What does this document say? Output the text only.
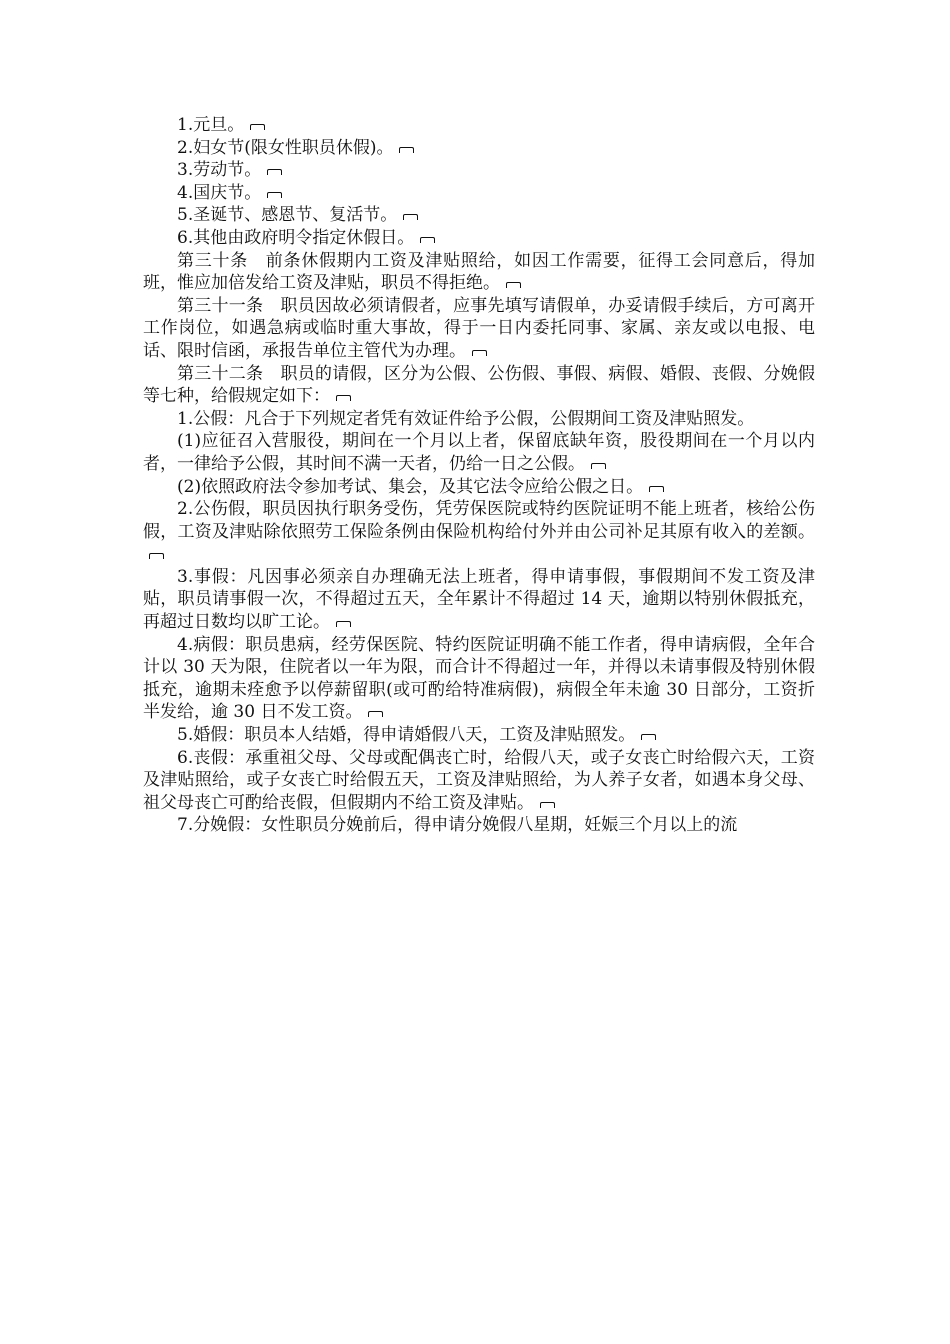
1.元旦。

2.妇女节(限女性职员休假)。

3.劳动节。

4.国庆节。

5.圣诞节、感恩节、复活节。

6.其他由政府明令指定休假日。

第三十条　前条休假期内工资及津贴照给，如因工作需要，征得工会同意后，得加班，惟应加倍发给工资及津贴，职员不得拒绝。

第三十一条　职员因故必须请假者，应事先填写请假单，办妥请假手续后，方可离开工作岗位，如遇急病或临时重大事故，得于一日内委托同事、家属、亲友或以电报、电话、限时信函，承报告单位主管代为办理。

第三十二条　职员的请假，区分为公假、公伤假、事假、病假、婚假、丧假、分娩假等七种，给假规定如下：

1.公假：凡合于下列规定者凭有效证件给予公假，公假期间工资及津贴照发。

(1)应征召入营服役，期间在一个月以上者，保留底缺年资，股役期间在一个月以内者，一律给予公假，其时间不满一天者，仍给一日之公假。

(2)依照政府法令参加考试、集会，及其它法令应给公假之日。

2.公伤假，职员因执行职务受伤，凭劳保医院或特约医院证明不能上班者，核给公伤假，工资及津贴除依照劳工保险条例由保险机构给付外并由公司补足其原有收入的差额。

3.事假：凡因事必须亲自办理确无法上班者，得申请事假，事假期间不发工资及津贴，职员请事假一次，不得超过五天，全年累计不得超过 14 天，逾期以特别休假抵充，再超过日数均以旷工论。

4.病假：职员患病，经劳保医院、特约医院证明确不能工作者，得申请病假，全年合计以 30 天为限，住院者以一年为限，而合计不得超过一年，并得以未请事假及特别休假抵充，逾期未痊愈予以停薪留职(或可酌给特准病假)，病假全年未逾 30 日部分，工资折半发给，逾 30 日不发工资。

5.婚假：职员本人结婚，得申请婚假八天，工资及津贴照发。

6.丧假：承重祖父母、父母或配偶丧亡时，给假八天，或子女丧亡时给假六天，工资及津贴照给，或子女丧亡时给假五天，工资及津贴照给，为人养子女者，如遇本身父母、祖父母丧亡可酌给丧假，但假期内不给工资及津贴。

7.分娩假：女性职员分娩前后，得申请分娩假八星期，妊娠三个月以上的流
